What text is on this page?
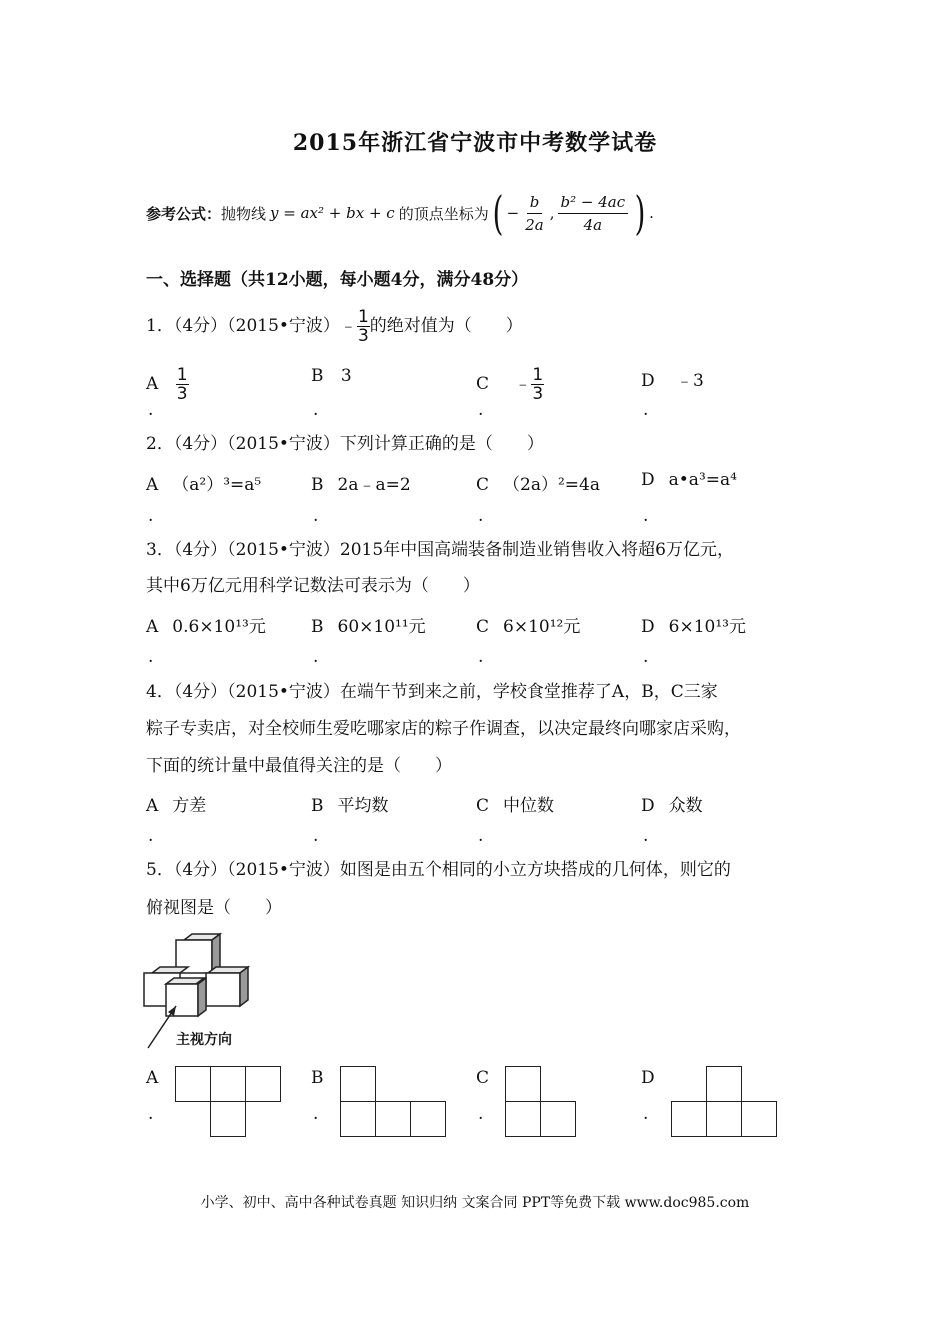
2015年浙江省宁波市中考数学试卷
参考公式： 抛物线 y = ax² + bx + c 的顶点坐标为 ( − $\frac{b}{2a}$ , $\frac{\text{b² − 4ac}}{4a}$ ) .
一、选择题（共12小题，每小题4分，满分48分）
1．（4分）（2015•宁波）﹣ $\frac{1}{3}$ 的绝对值为（　　）
A $\frac{1}{3}$	B 3	C ﹣ $\frac{1}{3}$	D ﹣3
.	.	.	.
2．（4分）（2015•宁波）下列计算正确的是（　　）
A （a²）³=a⁵	B 2a﹣a=2	C （2a）²=4a D a•a³=a⁴
.	.	.	.
3．（4分）（2015•宁波）2015年中国高端装备制造业销售收入将超6万亿元，
其中6万亿元用科学记数法可表示为（　　）
A 0.6×10¹³元	B 60×10¹¹元	C 6×10¹²元	D 6×10¹³元
.	.	.	.
4．（4分）（2015•宁波）在端午节到来之前，学校食堂推荐了A，B，C三家
粽子专卖店，对全校师生爱吃哪家店的粽子作调查，以决定最终向哪家店采购，
下面的统计量中最值得关注的是（　　）
A 方差	B 平均数	C 中位数	D 众数
.	.	.	.
5．（4分）（2015•宁波）如图是由五个相同的小立方块搭成的几何体，则它的
俯视图是（　　）
主视方向
A	B	C	D
.	.	.	.
小学、初中、高中各种试卷真题 知识归纳 文案合同 PPT等免费下载 www.doc985.com
